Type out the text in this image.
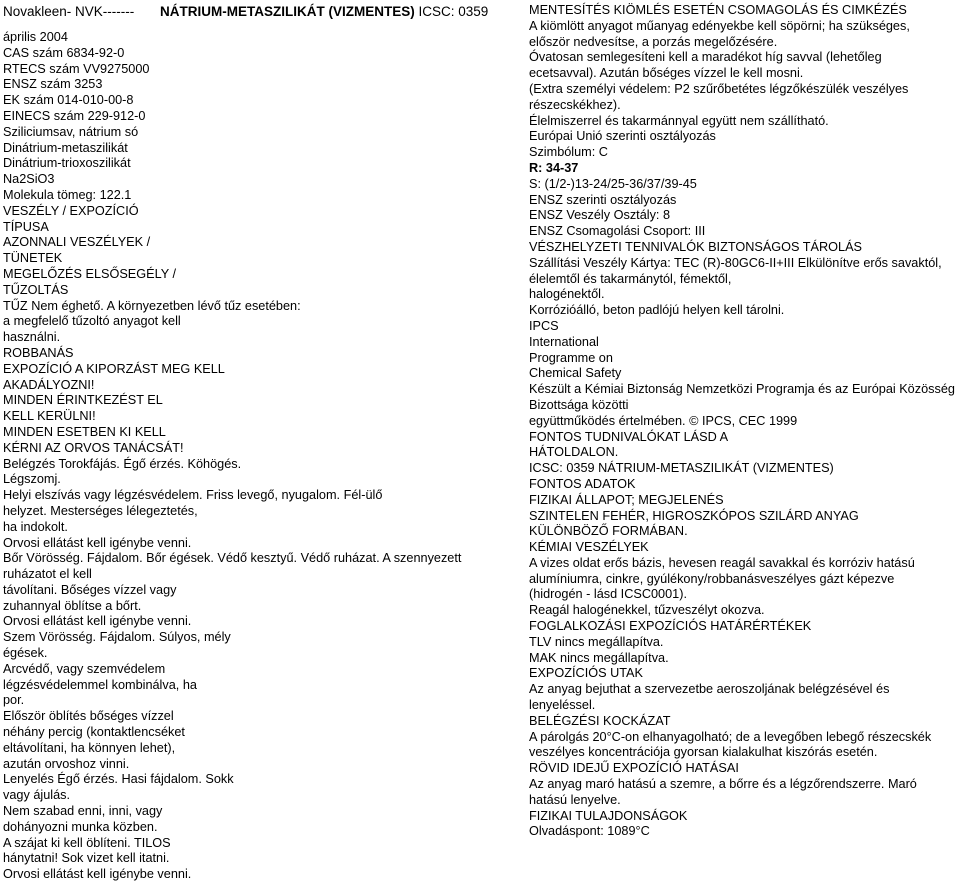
Novakleen- NVK------- NÁTRIUM-METASZILIKÁT (VIZMENTES) ICSC: 0359
április 2004
CAS szám 6834-92-0
RTECS szám VV9275000
ENSZ szám 3253
EK szám 014-010-00-8
EINECS szám 229-912-0
Sziliciumsav, nátrium só
Dinátrium-metaszilikát
Dinátrium-trioxoszilikát
Na2SiO3
Molekula tömeg: 122.1
VESZÉLY / EXPOZÍCIÓ
TÍPUSA
AZONNALI VESZÉLYEK /
TÜNETEK
MEGELŐZÉS ELSŐSEGÉLY /
TŰZOLTÁS
TŰZ Nem éghető. A környezetben lévő tűz esetében:
a megfelelő tűzoltó anyagot kell
használni.
ROBBANÁS
EXPOZÍCIÓ A KIPORZÁST MEG KELL
AKADÁLYOZNI!
MINDEN ÉRINTKEZÉST EL
KELL KERÜLNI!
MINDEN ESETBEN KI KELL
KÉRNI AZ ORVOS TANÁCSÁT!
Belégzés Torokfájás. Égő érzés. Köhögés.
Légszomj.
Helyi elszívás vagy légzésvédelem. Friss levegő, nyugalom. Fél-ülő
helyzet. Mesterséges lélegeztetés,
ha indokolt.
Orvosi ellátást kell igénybe venni.
Bőr Vörösség. Fájdalom. Bőr égések. Védő kesztyű. Védő ruházat. A szennyezett
ruházatot el kell
távolítani. Bőséges vízzel vagy
zuhannyal öblítse a bőrt.
Orvosi ellátást kell igénybe venni.
Szem Vörösség. Fájdalom. Súlyos, mély
égések.
Arcvédő, vagy szemvédelem
légzésvédelemmel kombinálva, ha
por.
Először öblítés bőséges vízzel
néhány percig (kontaktlencséket
eltávolítani, ha könnyen lehet),
azután orvoshoz vinni.
Lenyelés Égő érzés. Hasi fájdalom. Sokk
vagy ájulás.
Nem szabad enni, inni, vagy
dohányozni munka közben.
A szájat ki kell öblíteni. TILOS
hánytatni! Sok vizet kell itatni.
Orvosi ellátást kell igénybe venni.
MENTESÍTÉS KIÖMLÉS ESETÉN CSOMAGOLÁS ÉS CIMKÉZÉS
A kiömlött anyagot műanyag edényekbe kell söpörni; ha szükséges,
először nedvesítse, a porzás megelőzésére.
Óvatosan semlegesíteni kell a maradékot híg savval (lehetőleg
ecetsavval). Azután bőséges vízzel le kell mosni.
(Extra személyi védelem: P2 szűrőbetétes légzőkészülék veszélyes
részecskékhez).
Élelmiszerrel és takarmánnyal együtt nem szállítható.
Európai Unió szerinti osztályozás
Szimbólum: C
R: 34-37
S: (1/2-)13-24/25-36/37/39-45
ENSZ szerinti osztályozás
ENSZ Veszély Osztály: 8
ENSZ Csomagolási Csoport: III
VÉSZHELYZETI TENNIVALÓK BIZTONSÁGOS TÁROLÁS
Szállítási Veszély Kártya: TEC (R)-80GC6-II+III Elkülönítve erős savaktól,
élelemtől és takarmánytól, fémektől,
halogénektől.
Korrózióálló, beton padlójú helyen kell tárolni.
IPCS
International
Programme on
Chemical Safety
Készült a Kémiai Biztonság Nemzetközi Programja és az Európai Közösség
Bizottsága közötti
együttműködés értelmében. © IPCS, CEC 1999
FONTOS TUDNIVALÓKAT LÁSD A
HÁTOLDALON.
ICSC: 0359 NÁTRIUM-METASZILIKÁT (VIZMENTES)
FONTOS ADATOK
FIZIKAI ÁLLAPOT; MEGJELENÉS
SZINTELEN FEHÉR, HIGROSZKÓPOS SZILÁRD ANYAG
KÜLÖNBÖZŐ FORMÁBAN.
KÉMIAI VESZÉLYEK
A vizes oldat erős bázis, hevesen reagál savakkal és korróziv hatású
alumíniumra, cinkre, gyúlékony/robbanásveszélyes gázt képezve
(hidrogén - lásd ICSC0001).
Reagál halogénekkel, tűzveszélyt okozva.
FOGLALKOZÁSI EXPOZÍCIÓS HATÁRÉRTÉKEK
TLV nincs megállapítva.
MAK nincs megállapítva.
EXPOZÍCIÓS UTAK
Az anyag bejuthat a szervezetbe aeroszoljának belégzésével és
lenyeléssel.
BELÉGZÉSI KOCKÁZAT
A párolgás 20°C-on elhanyagolható; de a levegőben lebegő részecskék
veszélyes koncentrációja gyorsan kialakulhat kiszórás esetén.
RÖVID IDEJŰ EXPOZÍCIÓ HATÁSAI
Az anyag maró hatású a szemre, a bőrre és a légzőrendszerre. Maró
hatású lenyelve.
FIZIKAI TULAJDONSÁGOK
Olvadáspont: 1089°C
